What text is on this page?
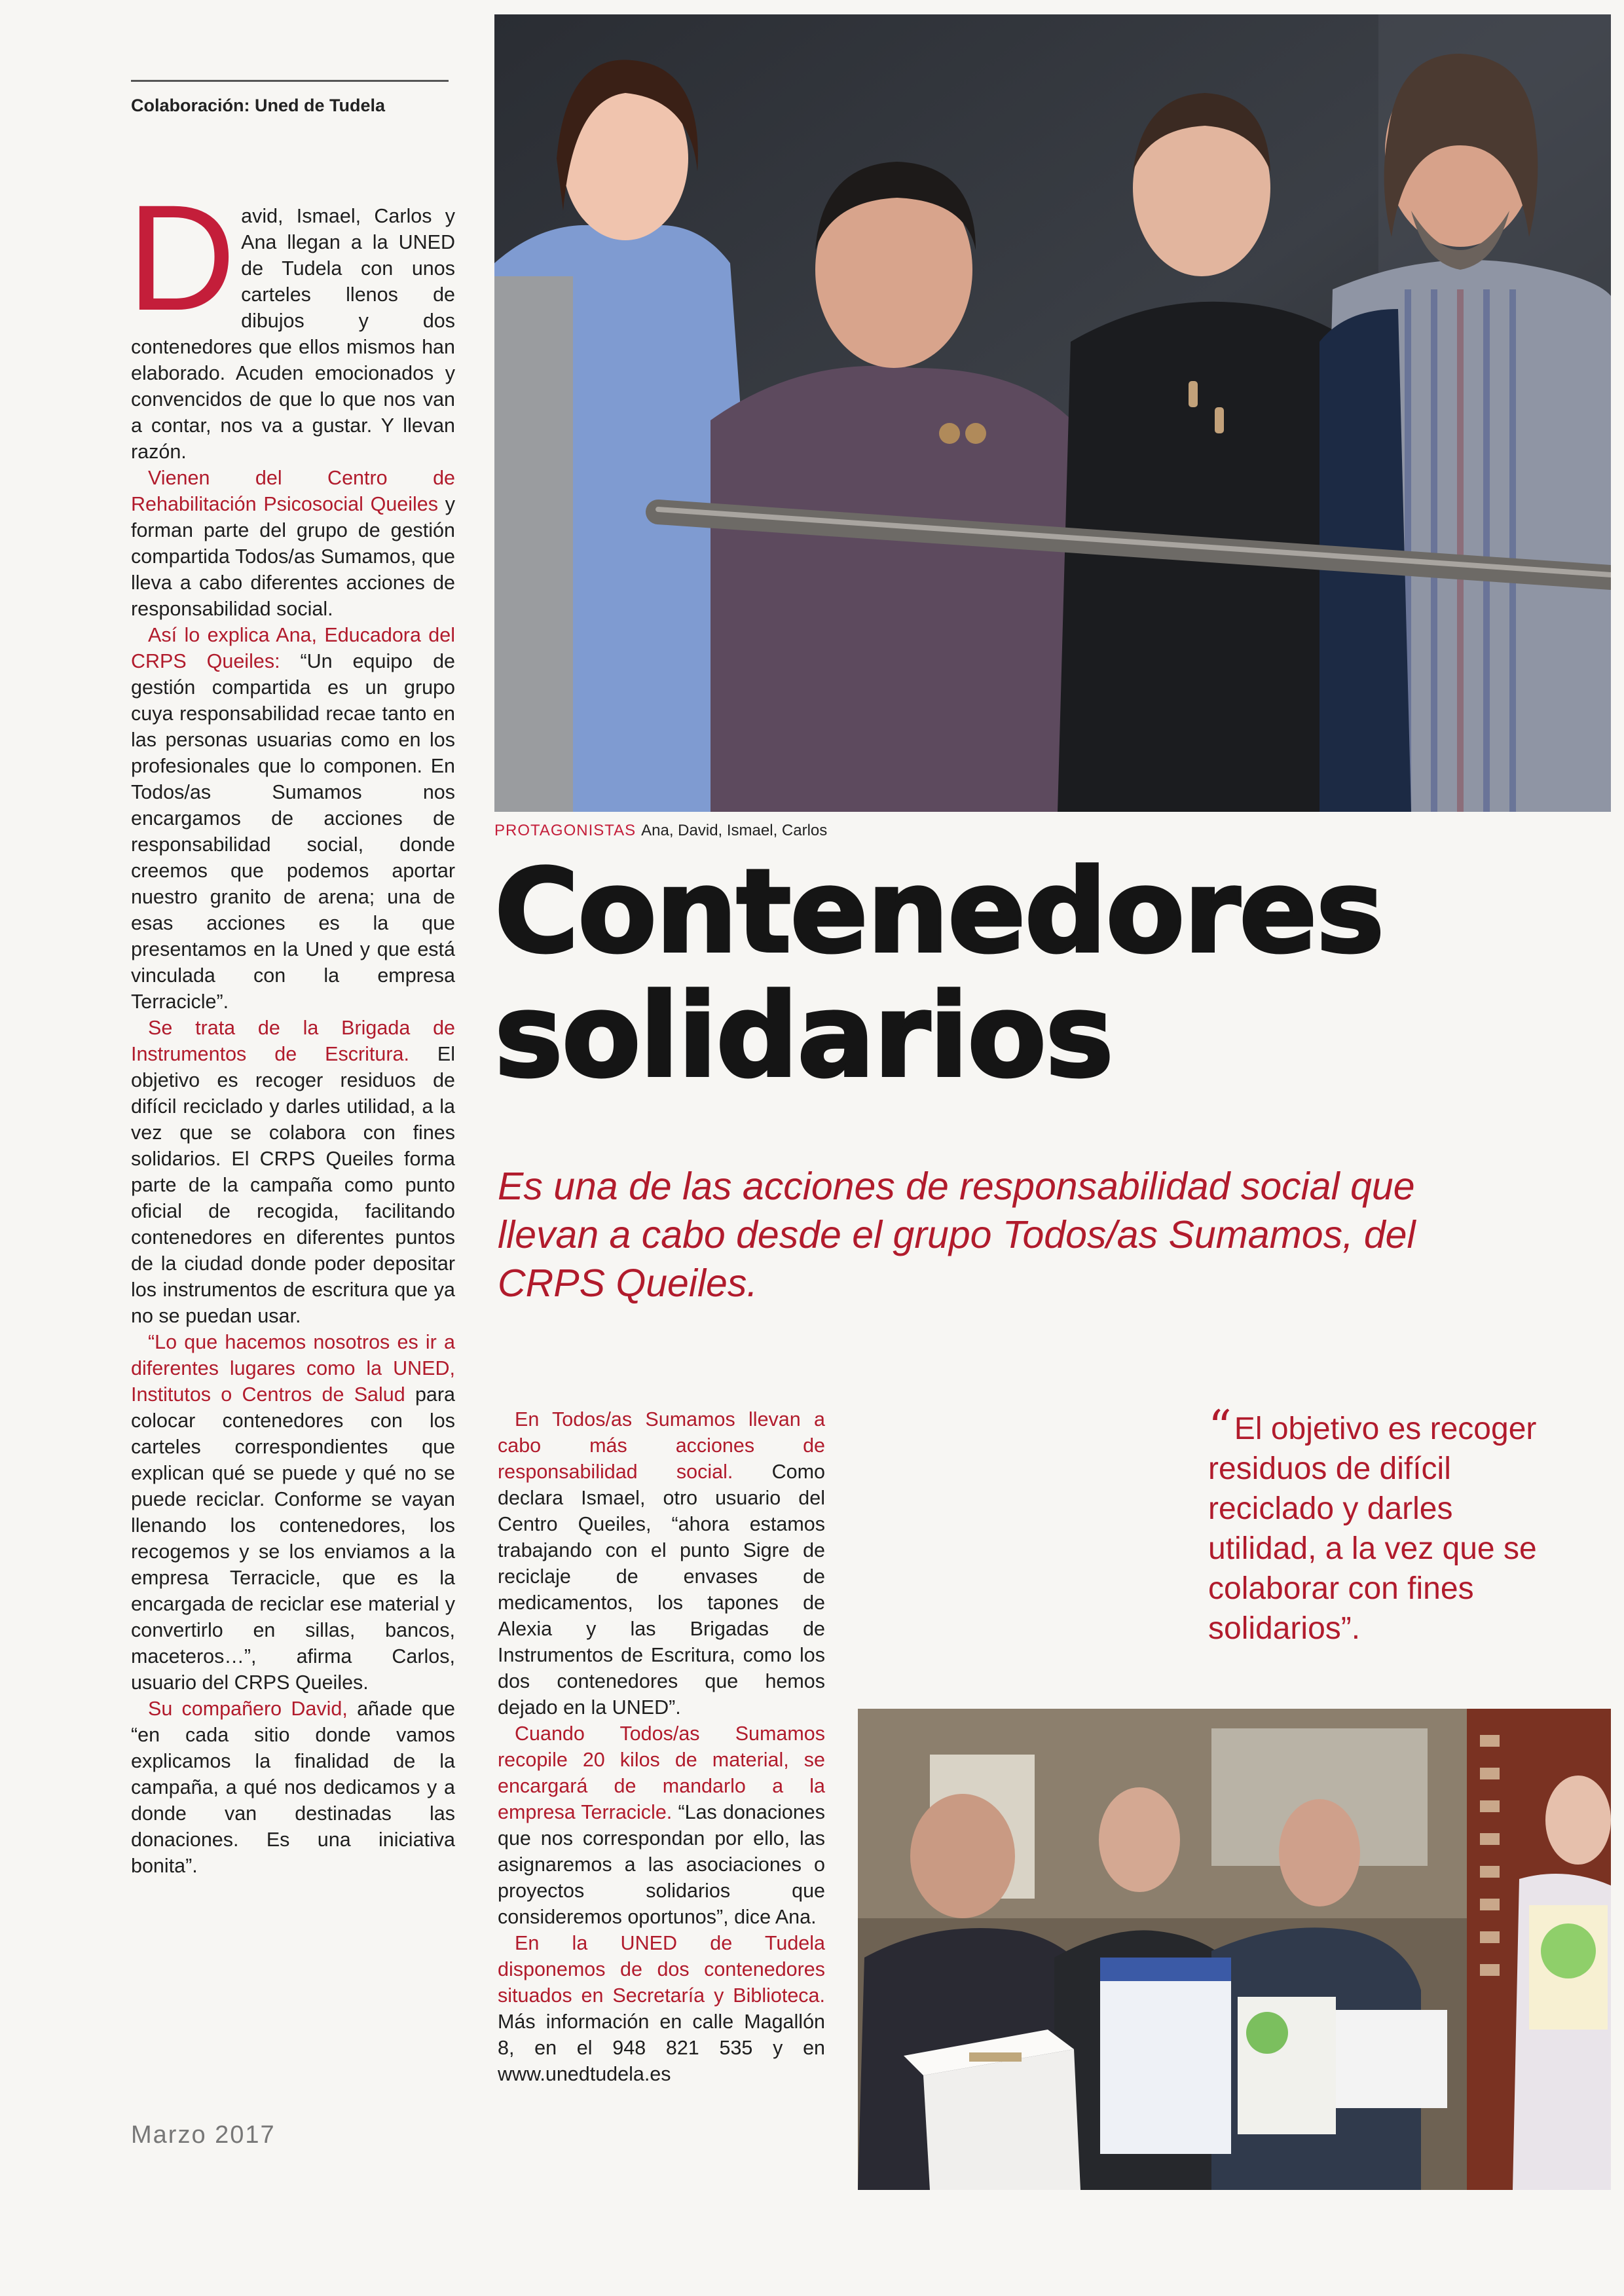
Colaboración: Uned de Tudela

David, Ismael, Carlos y Ana llegan a la UNED de Tudela con unos carteles llenos de dibujos y dos contenedores que ellos mismos han elaborado. Acuden emocionados y convencidos de que lo que nos van a contar, nos va a gustar. Y llevan razón.

Vienen del Centro de Rehabilitación Psicosocial Queiles y forman parte del grupo de gestión compartida Todos/as Sumamos, que lleva a cabo diferentes acciones de responsabilidad social.

Así lo explica Ana, Educadora del CRPS Queiles: “Un equipo de gestión compartida es un grupo cuya responsabilidad recae tanto en las personas usuarias como en los profesionales que lo componen. En Todos/as Sumamos nos encargamos de acciones de responsabilidad social, donde creemos que podemos aportar nuestro granito de arena; una de esas acciones es la que presentamos en la Uned y que está vinculada con la empresa Terracicle”.

Se trata de la Brigada de Instrumentos de Escritura. El objetivo es recoger residuos de difícil reciclado y darles utilidad, a la vez que se colabora con fines solidarios. El CRPS Queiles forma parte de la campaña como punto oficial de recogida, facilitando contenedores en diferentes puntos de la ciudad donde poder depositar los instrumentos de escritura que ya no se puedan usar.

“Lo que hacemos nosotros es ir a diferentes lugares como la UNED, Institutos o Centros de Salud para colocar contenedores con los carteles correspondientes que explican qué se puede y qué no se puede reciclar. Conforme se vayan llenando los contenedores, los recogemos y se los enviamos a la empresa Terracicle, que es la encargada de reciclar ese material y convertirlo en sillas, bancos, maceteros…”, afirma Carlos, usuario del CRPS Queiles.

Su compañero David, añade que “en cada sitio donde vamos explicamos la finalidad de la campaña, a qué nos dedicamos y a donde van destinadas las donaciones. Es una iniciativa bonita”.

Marzo 2017
PROTAGONISTAS Ana, David, Ismael, Carlos
Contenedores
solidarios
Es una de las acciones de responsabilidad social que llevan a cabo desde el grupo Todos/as Sumamos, del CRPS Queiles.

En Todos/as Sumamos llevan a cabo más acciones de responsabilidad social. Como declara Ismael, otro usuario del Centro Queiles, “ahora estamos trabajando con el punto Sigre de reciclaje de envases de medicamentos, los tapones de Alexia y las Brigadas de Instrumentos de Escritura, como los dos contenedores que hemos dejado en la UNED”.

Cuando Todos/as Sumamos recopile 20 kilos de material, se encargará de mandarlo a la empresa Terracicle. “Las donaciones que nos correspondan por ello, las asignaremos a las asociaciones o proyectos solidarios que consideremos oportunos”, dice Ana.

En la UNED de Tudela disponemos de dos contenedores situados en Secretaría y Biblioteca. Más información en calle Magallón 8, en el 948 821 535 y en www.unedtudela.es

“El objetivo es recoger residuos de difícil reciclado y darles utilidad, a la vez que se colaborar con fines solidarios”.
